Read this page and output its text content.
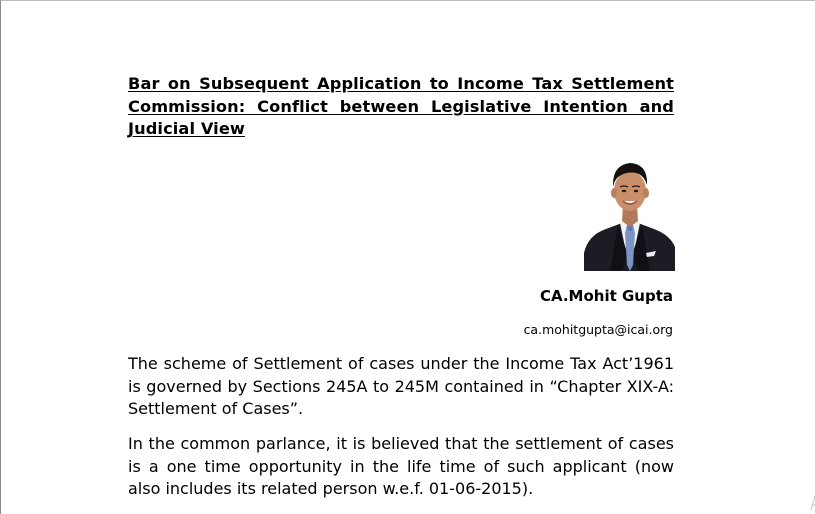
Bar on Subsequent Application to Income Tax Settlement Commission: Conflict between Legislative Intention and Judicial View

CA.Mohit Gupta

ca.mohitgupta@icai.org

The scheme of Settlement of cases under the Income Tax Act’1961 is governed by Sections 245A to 245M contained in “Chapter XIX-A: Settlement of Cases”.

In the common parlance, it is believed that the settlement of cases is a one time opportunity in the life time of such applicant (now also includes its related person w.e.f. 01-06-2015).
